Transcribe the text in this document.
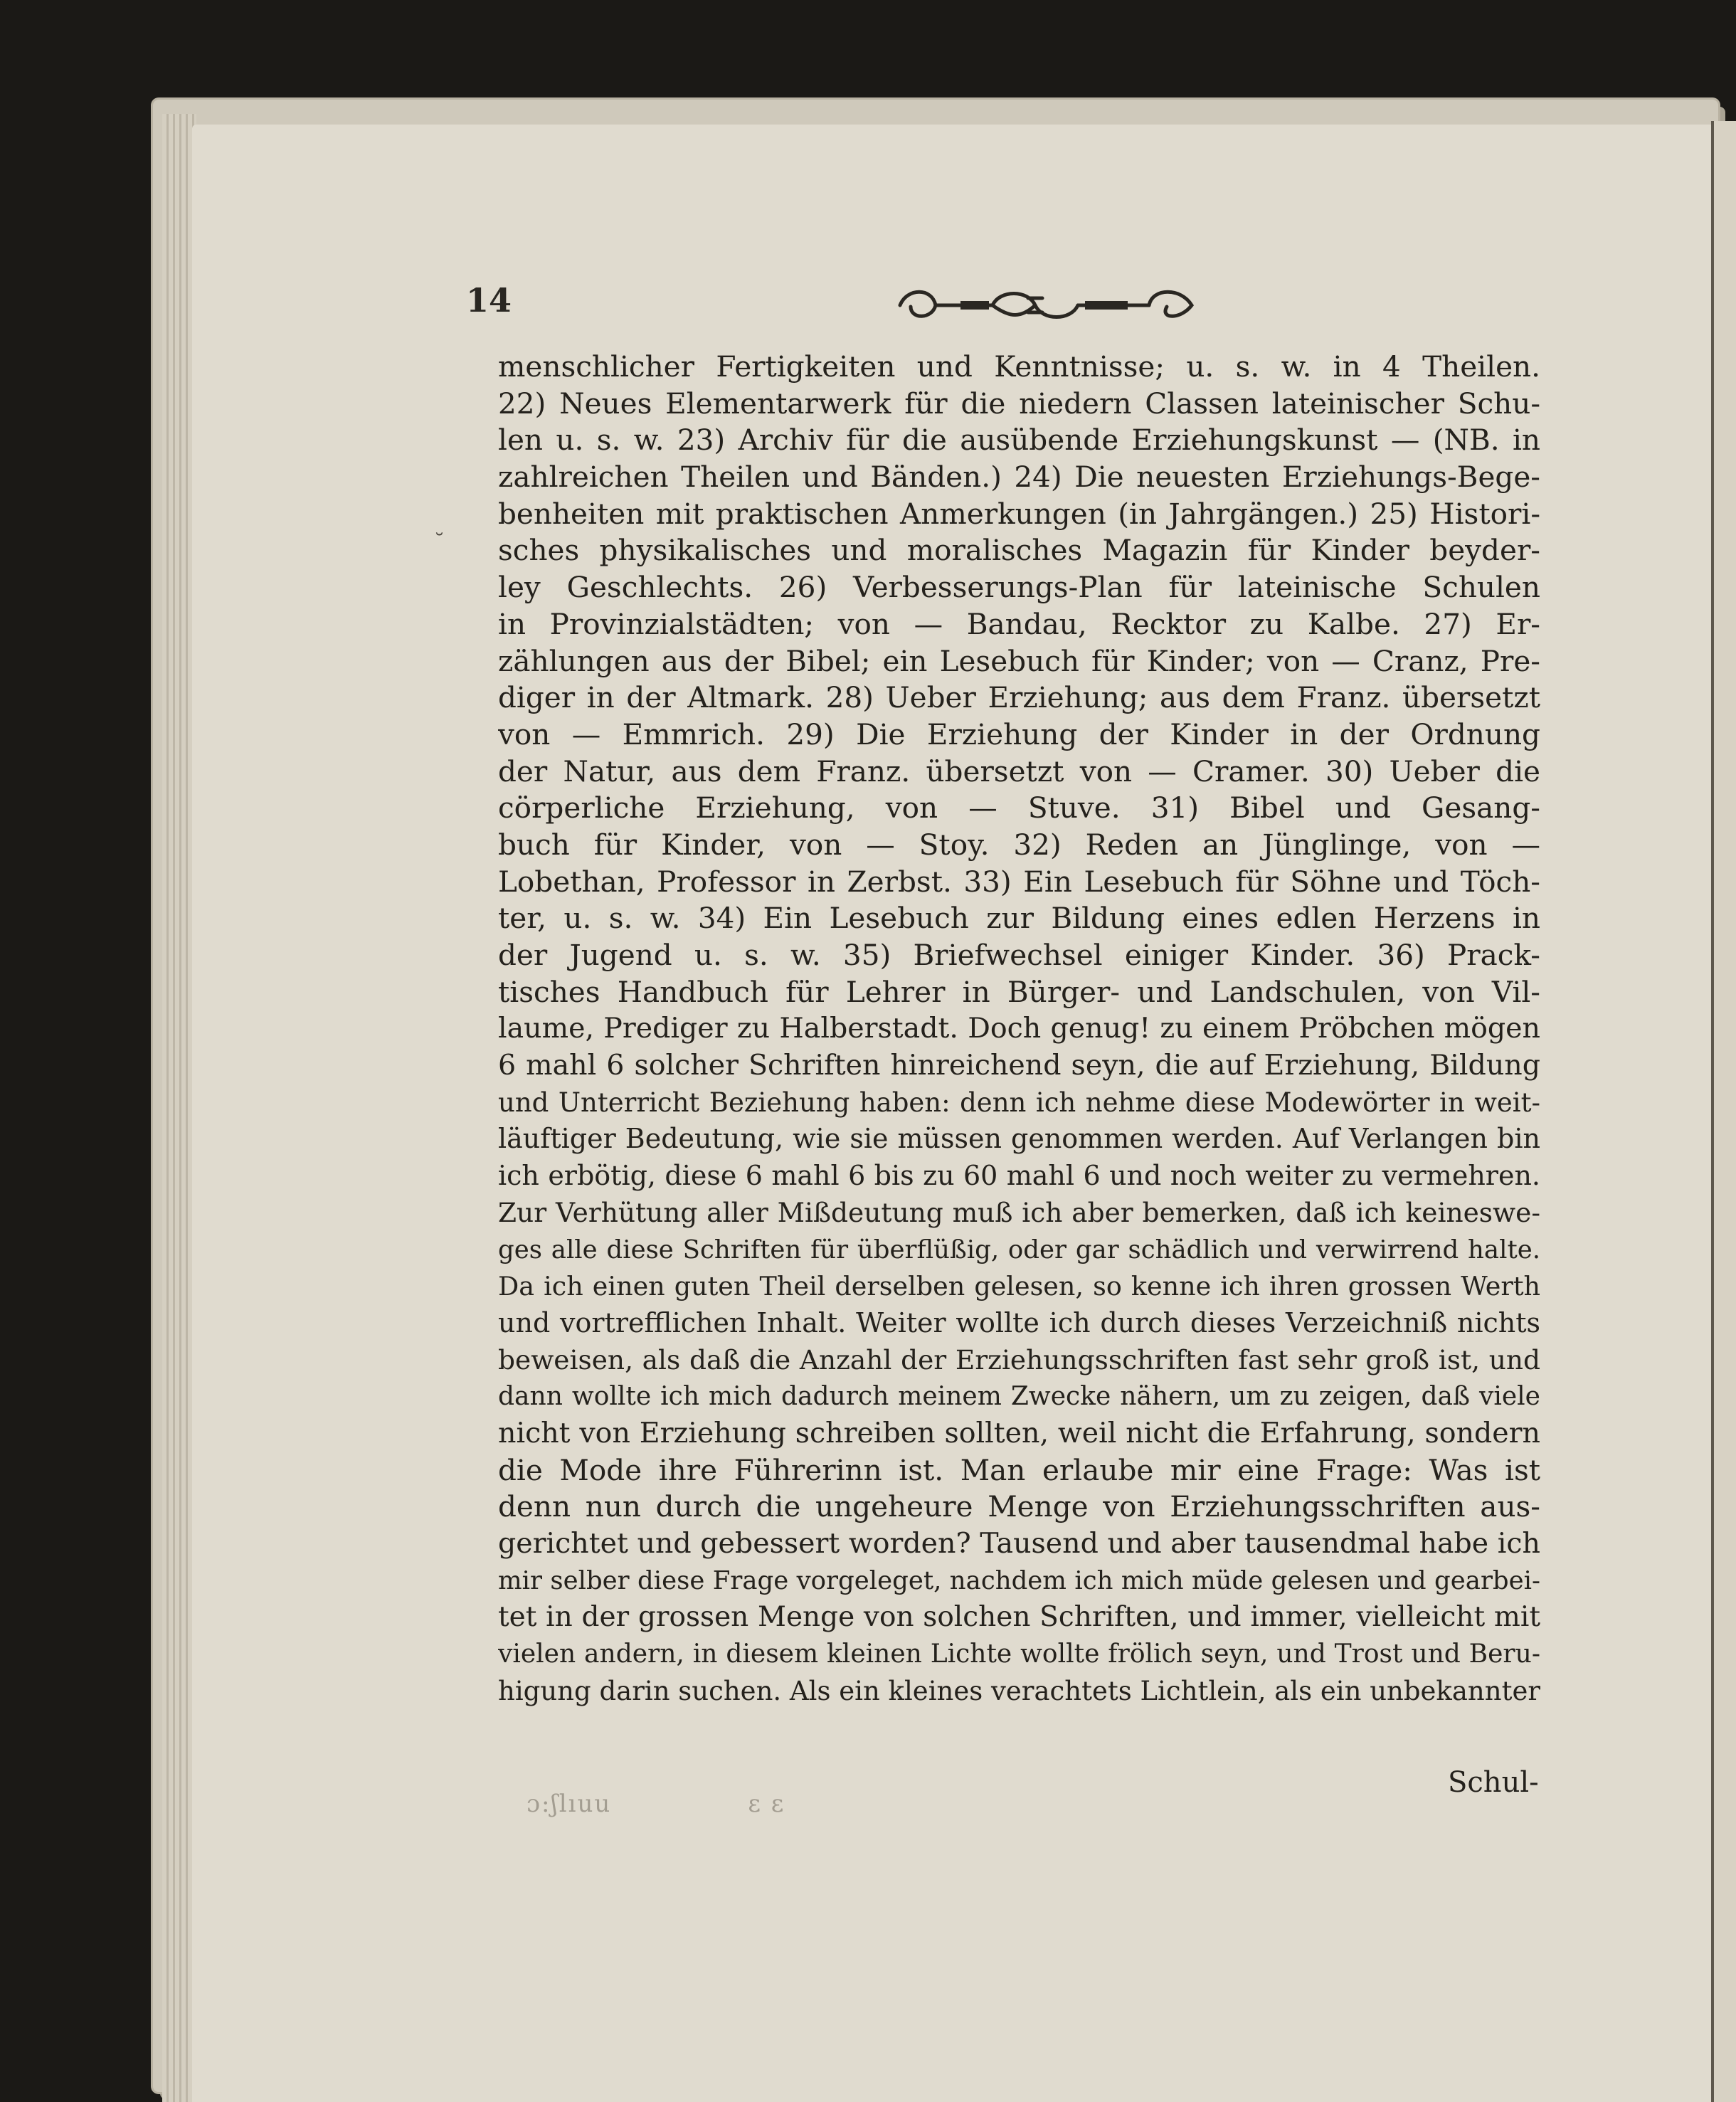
14
˘
menschlicher Fertigkeiten und Kenntnisse; u. s. w. in 4 Theilen.
22) Neues Elementarwerk für die niedern Classen lateinischer Schu-
len u. s. w. 23) Archiv für die ausübende Erziehungskunst — (NB. in
zahlreichen Theilen und Bänden.) 24) Die neuesten Erziehungs-Bege-
benheiten mit praktischen Anmerkungen (in Jahrgängen.) 25) Histori-
sches physikalisches und moralisches Magazin für Kinder beyder-
ley Geschlechts. 26) Verbesserungs-Plan für lateinische Schulen
in Provinzialstädten; von — Bandau, Recktor zu Kalbe. 27) Er-
zählungen aus der Bibel; ein Lesebuch für Kinder; von — Cranz, Pre-
diger in der Altmark. 28) Ueber Erziehung; aus dem Franz. übersetzt
von — Emmrich. 29) Die Erziehung der Kinder in der Ordnung
der Natur, aus dem Franz. übersetzt von — Cramer. 30) Ueber die
cörperliche Erziehung, von — Stuve. 31) Bibel und Gesang-
buch für Kinder, von — Stoy. 32) Reden an Jünglinge, von —
Lobethan, Professor in Zerbst. 33) Ein Lesebuch für Söhne und Töch-
ter, u. s. w. 34) Ein Lesebuch zur Bildung eines edlen Herzens in
der Jugend u. s. w. 35) Briefwechsel einiger Kinder. 36) Prack-
tisches Handbuch für Lehrer in Bürger- und Landschulen, von Vil-
laume, Prediger zu Halberstadt. Doch genug! zu einem Pröbchen mögen
6 mahl 6 solcher Schriften hinreichend seyn, die auf Erziehung, Bildung
und Unterricht Beziehung haben: denn ich nehme diese Modewörter in weit-
läuftiger Bedeutung, wie sie müssen genommen werden. Auf Verlangen bin
ich erbötig, diese 6 mahl 6 bis zu 60 mahl 6 und noch weiter zu vermehren.
Zur Verhütung aller Mißdeutung muß ich aber bemerken, daß ich keineswe-
ges alle diese Schriften für überflüßig, oder gar schädlich und verwirrend halte.
Da ich einen guten Theil derselben gelesen, so kenne ich ihren grossen Werth
und vortrefflichen Inhalt. Weiter wollte ich durch dieses Verzeichniß nichts
beweisen, als daß die Anzahl der Erziehungsschriften fast sehr groß ist, und
dann wollte ich mich dadurch meinem Zwecke nähern, um zu zeigen, daß viele
nicht von Erziehung schreiben sollten, weil nicht die Erfahrung, sondern
die Mode ihre Führerinn ist. Man erlaube mir eine Frage: Was ist
denn nun durch die ungeheure Menge von Erziehungsschriften aus-
gerichtet und gebessert worden? Tausend und aber tausendmal habe ich
mir selber diese Frage vorgeleget, nachdem ich mich müde gelesen und gearbei-
tet in der grossen Menge von solchen Schriften, und immer, vielleicht mit
vielen andern, in diesem kleinen Lichte wollte frölich seyn, und Trost und Beru-
higung darin suchen. Als ein kleines verachtets Lichtlein, als ein unbekannter
Schul-
ɔ:ʃlıuu               ɛ ɛ
